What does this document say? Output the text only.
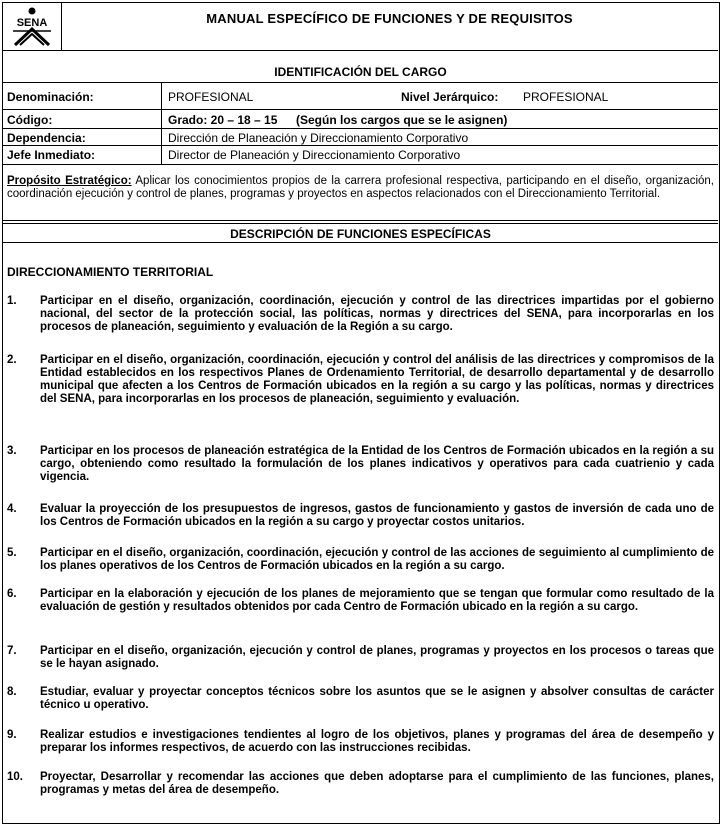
SENA	MANUAL ESPECÍFICO DE FUNCIONES Y DE REQUISITOS
IDENTIFICACIÓN DEL CARGO
Denominación:	PROFESIONAL	Nivel Jerárquico: PROFESIONAL
Código:	Grado: 20 – 18 – 15 (Según los cargos que se le asignen)
Dependencia:	Dirección de Planeación y Direccionamiento Corporativo
Jefe Inmediato:	Director de Planeación y Direccionamiento Corporativo
Propósito Estratégico: Aplicar los conocimientos propios de la carrera profesional respectiva, participando en el diseño, organización, coordinación ejecución y control de planes, programas y proyectos en aspectos relacionados con el Direccionamiento Territorial.
DESCRIPCIÓN DE FUNCIONES ESPECÍFICAS
DIRECCIONAMIENTO TERRITORIAL
1. Participar en el diseño, organización, coordinación, ejecución y control de las directrices impartidas por el gobierno nacional, del sector de la protección social, las políticas, normas y directrices del SENA, para incorporarlas en los procesos de planeación, seguimiento y evaluación de la Región a su cargo.
2. Participar en el diseño, organización, coordinación, ejecución y control del análisis de las directrices y compromisos de la Entidad establecidos en los respectivos Planes de Ordenamiento Territorial, de desarrollo departamental y de desarrollo municipal que afecten a los Centros de Formación ubicados en la región a su cargo y las políticas, normas y directrices del SENA, para incorporarlas en los procesos de planeación, seguimiento y evaluación.
3. Participar en los procesos de planeación estratégica de la Entidad de los Centros de Formación ubicados en la región a su cargo, obteniendo como resultado la formulación de los planes indicativos y operativos para cada cuatrienio y cada vigencia.
4. Evaluar la proyección de los presupuestos de ingresos, gastos de funcionamiento y gastos de inversión de cada uno de los Centros de Formación ubicados en la región a su cargo y proyectar costos unitarios.
5. Participar en el diseño, organización, coordinación, ejecución y control de las acciones de seguimiento al cumplimiento de los planes operativos de los Centros de Formación ubicados en la región a su cargo.
6. Participar en la elaboración y ejecución de los planes de mejoramiento que se tengan que formular como resultado de la evaluación de gestión y resultados obtenidos por cada Centro de Formación ubicado en la región a su cargo.
7. Participar en el diseño, organización, ejecución y control de planes, programas y proyectos en los procesos o tareas que se le hayan asignado.
8. Estudiar, evaluar y proyectar conceptos técnicos sobre los asuntos que se le asignen y absolver consultas de carácter técnico u operativo.
9. Realizar estudios e investigaciones tendientes al logro de los objetivos, planes y programas del área de desempeño y preparar los informes respectivos, de acuerdo con las instrucciones recibidas.
10. Proyectar, Desarrollar y recomendar las acciones que deben adoptarse para el cumplimiento de las funciones, planes, programas y metas del área de desempeño.
